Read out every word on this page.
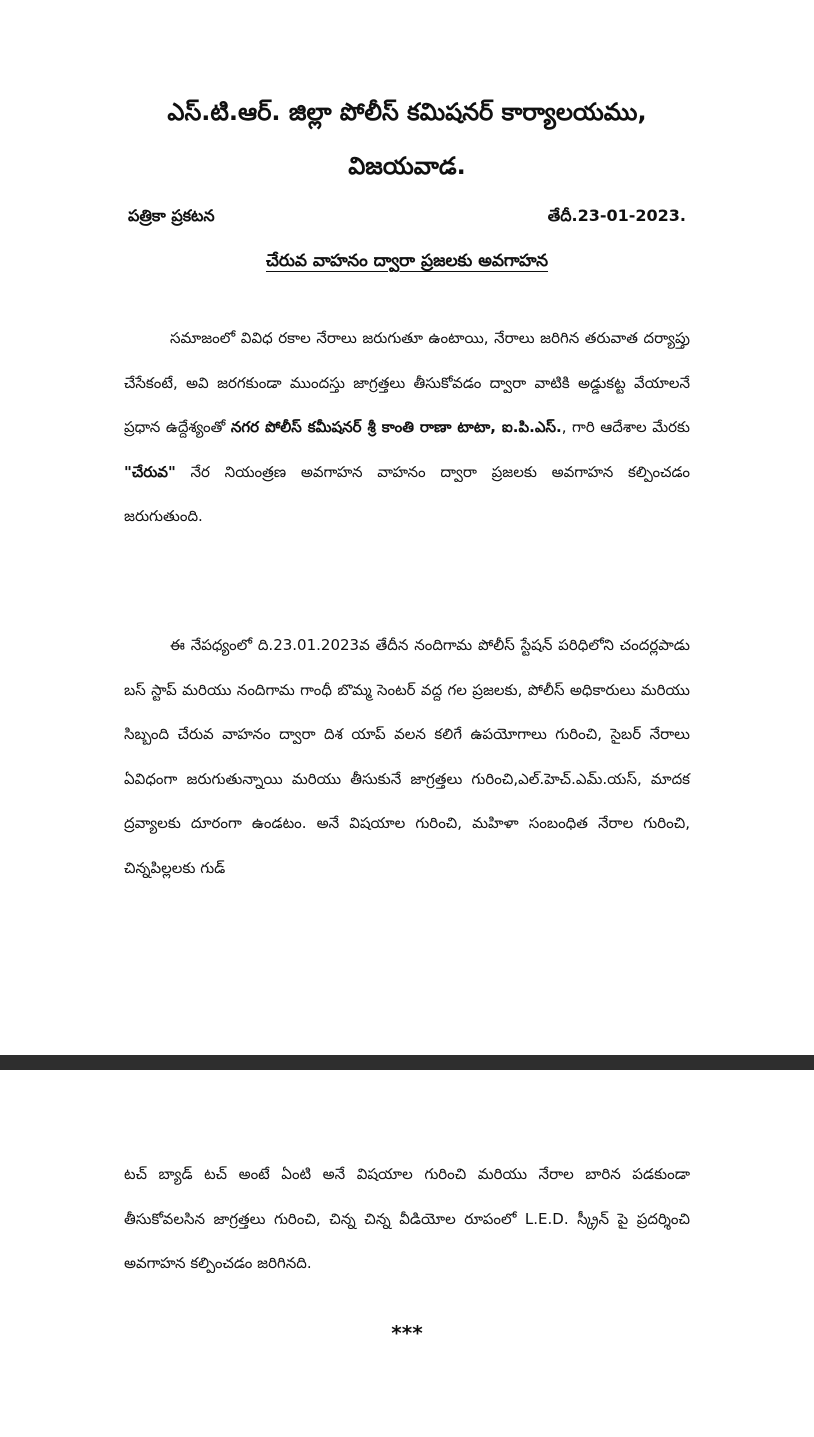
ఎస్.టి.ఆర్. జిల్లా పోలీస్ కమిషనర్ కార్యాలయము,
విజయవాడ.
పత్రికా ప్రకటన	తేదీ.23-01-2023.
చేరువ వాహనం ద్వారా ప్రజలకు అవగాహన

సమాజంలో వివిధ రకాల నేరాలు జరుగుతూ ఉంటాయి, నేరాలు జరిగిన తరువాత దర్యాప్తు చేసేకంటే, అవి జరగకుండా ముందస్తు జాగ్రత్తలు తీసుకోవడం ద్వారా వాటికి అడ్డుకట్ట వేయాలనే ప్రధాన ఉద్దేశ్యంతో నగర పోలీస్ కమీషనర్ శ్రీ కాంతి రాణా టాటా, ఐ.పి.ఎస్., గారి ఆదేశాల మేరకు "చేరువ" నేర నియంత్రణ అవగాహన వాహనం ద్వారా ప్రజలకు అవగాహన కల్పించడం జరుగుతుంది.

ఈ నేపధ్యంలో ది.23.01.2023వ తేదీన నందిగామ పోలీస్ స్టేషన్ పరిధిలోని చందర్లపాడు బస్ స్టాప్ మరియు నందిగామ గాంధీ బొమ్మ సెంటర్ వద్ద గల ప్రజలకు, పోలీస్ అధికారులు మరియు సిబ్బంది చేరువ వాహనం ద్వారా దిశ యాప్ వలన కలిగే ఉపయోగాలు గురించి, సైబర్ నేరాలు ఏవిధంగా జరుగుతున్నాయి మరియు తీసుకునే జాగ్రత్తలు గురించి,ఎల్.హెచ్.ఎమ్.యస్, మాదక ద్రవ్యాలకు దూరంగా ఉండటం. అనే విషయాల గురించి, మహిళా సంబంధిత నేరాల గురించి, చిన్నపిల్లలకు గుడ్

టచ్ బ్యాడ్ టచ్ అంటే ఏంటి అనే విషయాల గురించి మరియు నేరాల బారిన పడకుండా తీసుకోవలసిన జాగ్రత్తలు గురించి, చిన్న చిన్న వీడియోల రూపంలో L.E.D. స్క్రీన్ పై ప్రదర్శించి అవగాహన కల్పించడం జరిగినది.

***
